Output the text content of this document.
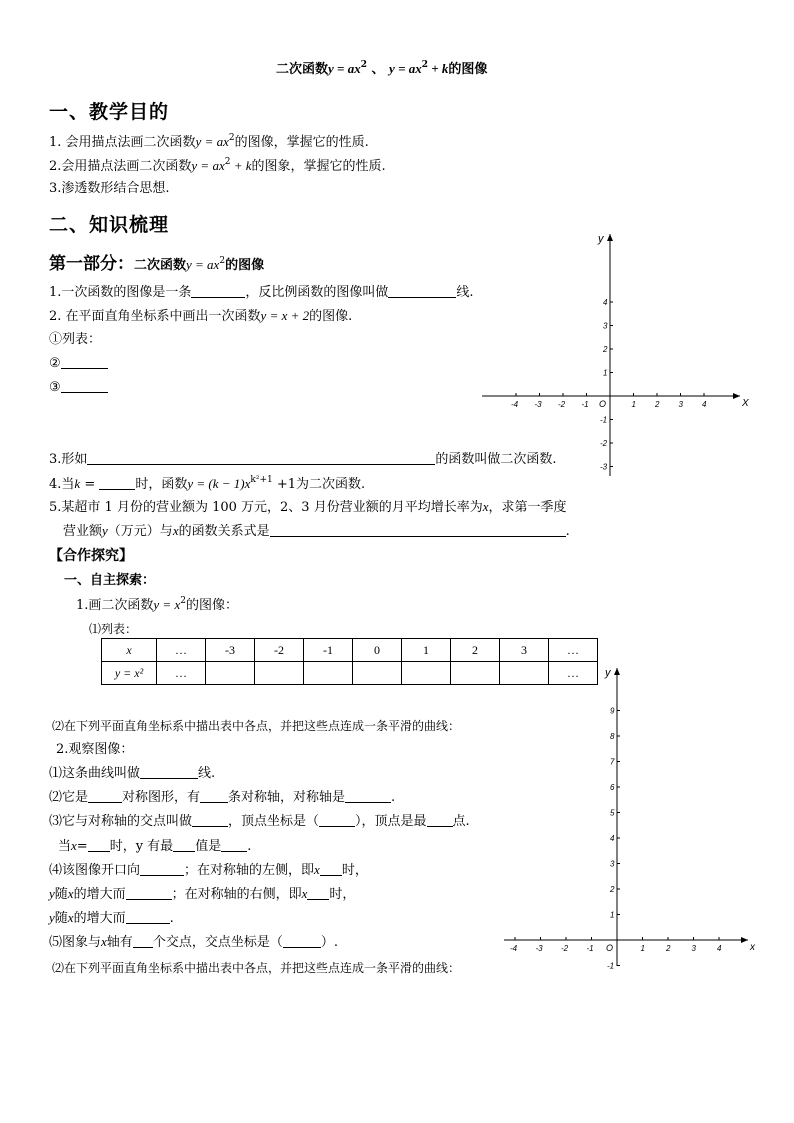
二次函数$y = ax^2$ 、 $y = ax^2 + k$的图像
一、教学目的
1. 会用描点法画二次函数$y = ax^2$的图像，掌握它的性质.
2.会用描点法画二次函数$y = ax^2 + k$的图象，掌握它的性质.
3.渗透数形结合思想.
二、知识梳理
第一部分：二次函数$y = ax^2$的图像
1.一次函数的图像是一条	，反比例函数的图像叫做	线.
2. 在平面直角坐标系中画出一次函数y = x + 2的图像.
①列表：
②
③
X
y
O
-4 -3 -2 -1	1 2 3 4
4
3
2
1
-1
-2
-3
3.形如	的函数叫做二次函数.
4.当k =	时，函数$y = (k - 1)x^{k^2+1} +1$为二次函数.
5.某超市 1 月份的营业额为 100 万元，2、3 月份营业额的月平均增长率为x，求第一季度
营业额y（万元）与x的函数关系式是	.
【合作探究】
一、自主探索：
1.画二次函数$y = x^2$的图像：
⑴列表：
x	…	-3	-2	-1	0	1	2	3	…
y = x²	…								…
⑵在下列平面直角坐标系中描出表中各点，并把这些点连成一条平滑的曲线：
2.观察图像：
⑴这条曲线叫做	线.
⑵它是	对称图形，有 条对称轴，对称轴是	.
⑶它与对称轴的交点叫做	，顶点坐标是（	），顶点是最 点.
当x= 时，y 有最 值是 .
⑷该图像开口向	；在对称轴的左侧，即x 时，
y随x的增大而	；在对称轴的右侧，即x 时，
y随x的增大而	.
⑸图象与x轴有 个交点，交点坐标是（	）.
⑵在下列平面直角坐标系中描出表中各点，并把这些点连成一条平滑的曲线：
x
y
O
-4 -3 -2 -1	1	2	3	4
9
8
7
6
5
4
3
2
1
-1
